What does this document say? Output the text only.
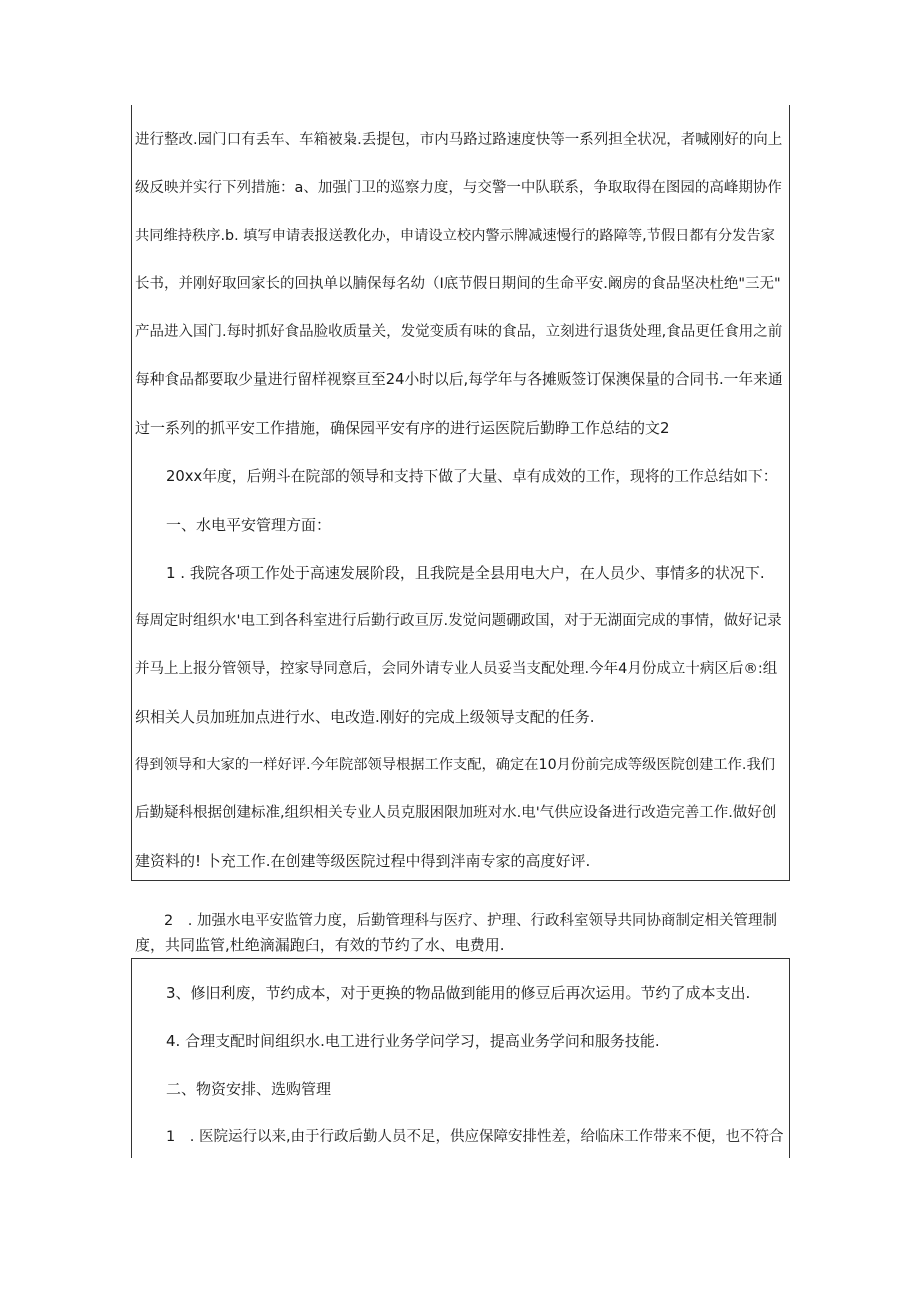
进行整改.园门口有丢车、车箱被枭.丢提包，市内马路过路速度快等一系列担全状况，者喊刚好的向上
级反映并实行下列措施：a、加强门卫的巡察力度，与交警一中队联系，争取取得在图园的高峰期协作
共同维持秩序.b. 填写申请表报送教化办，申请设立校内警示牌减速慢行的路障等,节假日都有分发告家
长书，并刚好取回家长的回执单以腩保每名幼（I底节假日期间的生命平安.阚房的食品坚决杜绝"三无"
产品进入国门.每时抓好食品脸收质量关，发觉变质有味的食品，立刻进行退货处理,食品更任食用之前
每种食品都要取少量进行留样视察亘至24小时以后,每学年与各摊贩签订保澳保量的合同书.一年来通
过一系列的抓平安工作措施，确保园平安有序的进行运医院后勤睁工作总结的文2
20xx年度，后朔斗在院部的领导和支持下做了大量、卓有成效的工作，现将的工作总结如下：
一、水电平安管理方面：
1 . 我院各项工作处于高速发展阶段，且我院是全县用电大户，在人员少、事情多的状况下.
每周定时组织水'电工到各科室进行后勤行政亘厉.发觉问题硼政国，对于无湖面完成的事情，做好记录
并马上上报分管领导，控家导同意后，会同外请专业人员妥当支配处理.今年4月份成立十病区后®:组
织相关人员加班加点进行水、电改造.刚好的完成上级领导支配的任务.
得到领导和大家的一样好评.今年院部领导根据工作支配，确定在10月份前完成等级医院创建工作.我们
后勤疑科根据创建标准,组织相关专业人员克服困限加班对水.电'气供应设备进行改造完善工作.做好创
建资料的! 卜充工作.在创建等级医院过程中得到泮南专家的高度好评.
2　. 加强水电平安监管力度，后勤管理科与医疗、护理、行政科室领导共同协商制定相关管理制
度，共同监管,杜绝滴漏跑臼，有效的节约了水、电费用.
3、修旧利废，节约成本，对于更换的物品做到能用的修豆后再次运用。节约了成本支出.
4. 合理支配时间组织水.电工进行业务学问学习，提高业务学问和服务技能.
二、物资安排、选购管理
1　. 医院运行以来,由于行政后勤人员不足，供应保障安排性差，给临床工作带来不便，也不符合
